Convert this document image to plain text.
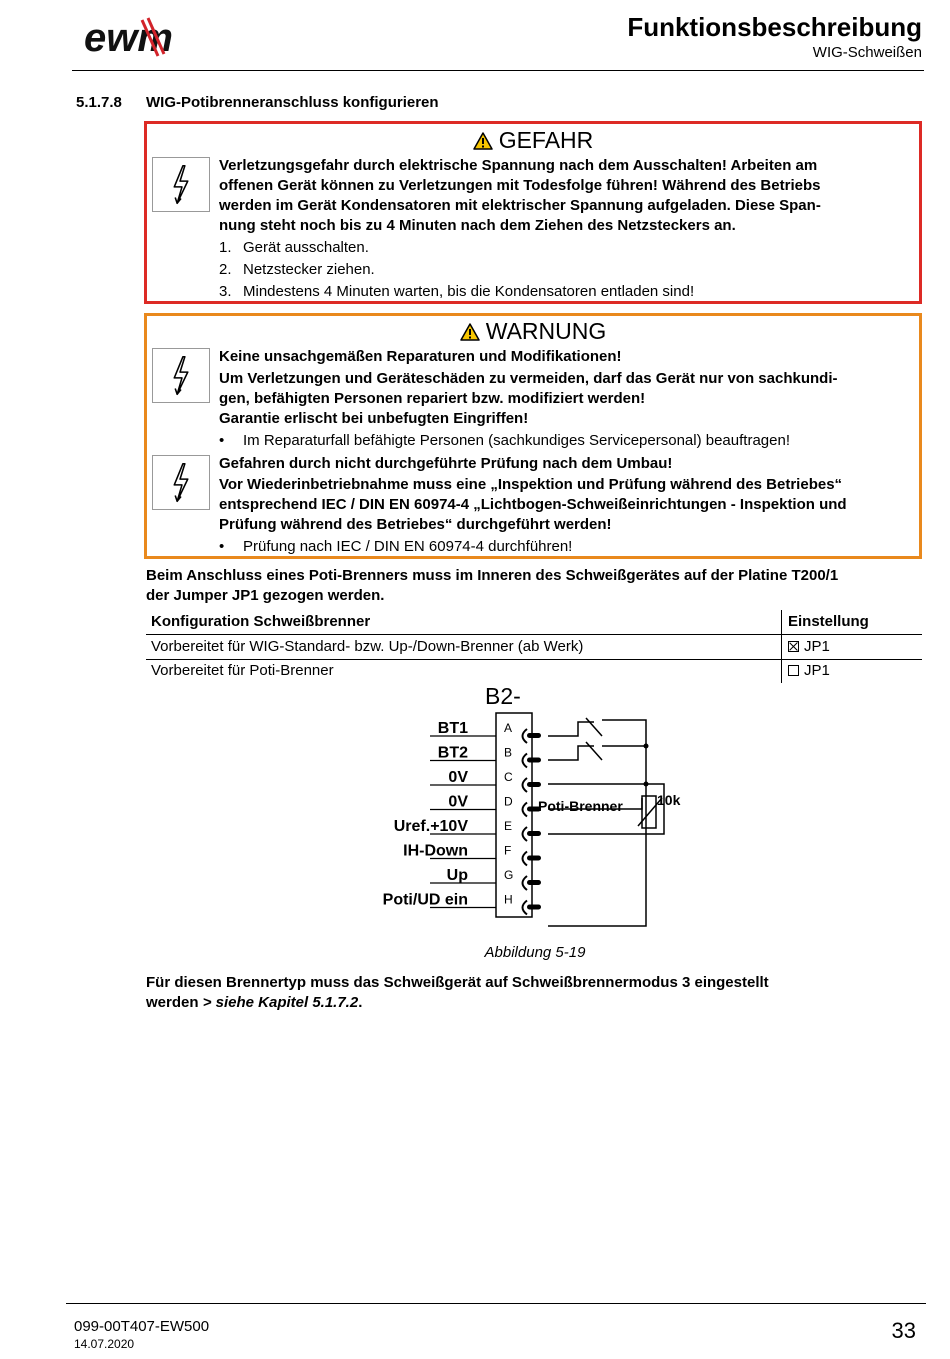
ewm	Funktionsbeschreibung
WIG-Schweißen
5.1.7.8 WIG-Potibrenneranschluss konfigurieren
GEFAHR
Verletzungsgefahr durch elektrische Spannung nach dem Ausschalten! Arbeiten am
offenen Gerät können zu Verletzungen mit Todesfolge führen! Während des Betriebs
werden im Gerät Kondensatoren mit elektrischer Spannung aufgeladen. Diese Span-
nung steht noch bis zu 4 Minuten nach dem Ziehen des Netzsteckers an.
1. Gerät ausschalten.
2. Netzstecker ziehen.
3. Mindestens 4 Minuten warten, bis die Kondensatoren entladen sind!
WARNUNG
Keine unsachgemäßen Reparaturen und Modifikationen!
Um Verletzungen und Geräteschäden zu vermeiden, darf das Gerät nur von sachkundi-
gen, befähigten Personen repariert bzw. modifiziert werden!
Garantie erlischt bei unbefugten Eingriffen!
• Im Reparaturfall befähigte Personen (sachkundiges Servicepersonal) beauftragen!
Gefahren durch nicht durchgeführte Prüfung nach dem Umbau!
Vor Wiederinbetriebnahme muss eine „Inspektion und Prüfung während des Betriebes“
entsprechend IEC / DIN EN 60974-4 „Lichtbogen-Schweißeinrichtungen - Inspektion und
Prüfung während des Betriebes“ durchgeführt werden!
• Prüfung nach IEC / DIN EN 60974-4 durchführen!
Beim Anschluss eines Poti-Brenners muss im Inneren des Schweißgerätes auf der Platine T200/1
der Jumper JP1 gezogen werden.
Konfiguration Schweißbrenner	Einstellung
Vorbereitet für WIG-Standard- bzw. Up-/Down-Brenner (ab Werk)	JP1
Vorbereitet für Poti-Brenner	JP1
B2-
BT1	A
BT2	B
0V	C
0V	D
Uref.+10V	E
IH-Down	F
Up	G
Poti/UD ein	H
Poti-Brenner 10k
Abbildung 5-19
Für diesen Brennertyp muss das Schweißgerät auf Schweißbrennermodus 3 eingestellt
werden > siehe Kapitel 5.1.7.2.
099-00T407-EW500
14.07.2020
33
